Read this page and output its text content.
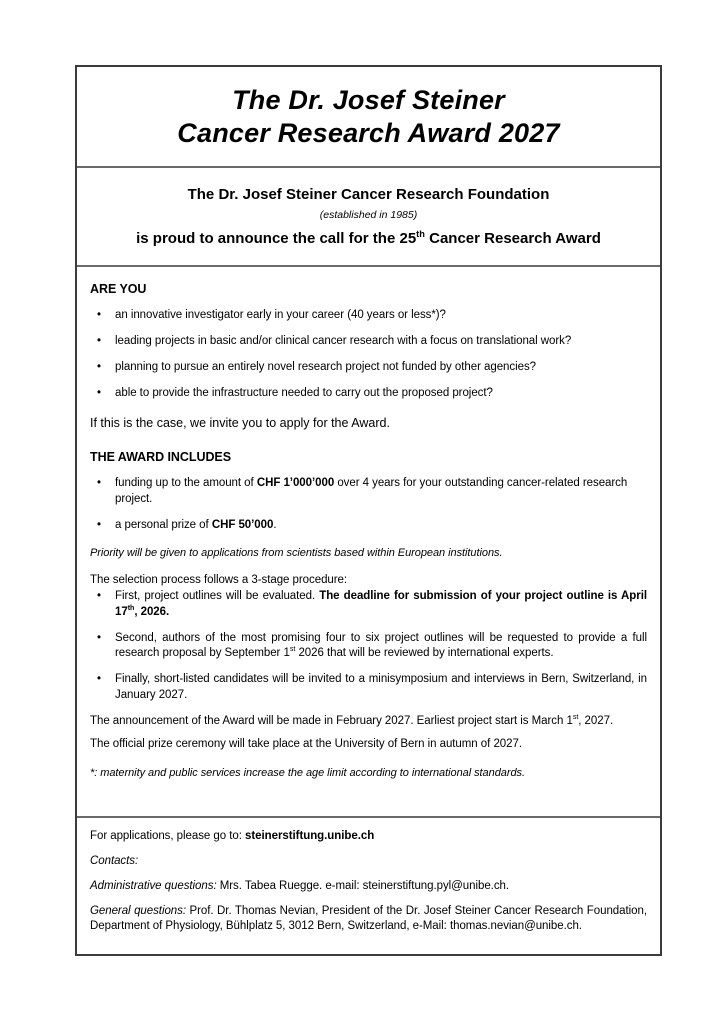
The Dr. Josef Steiner
Cancer Research Award 2027
The Dr. Josef Steiner Cancer Research Foundation
(established in 1985)
is proud to announce the call for the 25th Cancer Research Award
ARE YOU
•	an innovative investigator early in your career (40 years or less*)?
•	leading projects in basic and/or clinical cancer research with a focus on translational work?
•	planning to pursue an entirely novel research project not funded by other agencies?
•	able to provide the infrastructure needed to carry out the proposed project?

If this is the case, we invite you to apply for the Award.

THE AWARD INCLUDES
•	funding up to the amount of CHF 1’000’000 over 4 years for your outstanding cancer-related research project.
•	a personal prize of CHF 50’000.

Priority will be given to applications from scientists based within European institutions.

The selection process follows a 3-stage procedure:

•	First, project outlines will be evaluated. The deadline for submission of your project outline is April 17th, 2026.
•	Second, authors of the most promising four to six project outlines will be requested to provide a full research proposal by September 1st 2026 that will be reviewed by international experts.
•	Finally, short-listed candidates will be invited to a minisymposium and interviews in Bern, Switzerland, in January 2027.

The announcement of the Award will be made in February 2027. Earliest project start is March 1st, 2027.

The official prize ceremony will take place at the University of Bern in autumn of 2027.

*: maternity and public services increase the age limit according to international standards.

For applications, please go to: steinerstiftung.unibe.ch

Contacts:

Administrative questions: Mrs. Tabea Ruegge. e-mail: steinerstiftung.pyl@unibe.ch.

General questions: Prof. Dr. Thomas Nevian, President of the Dr. Josef Steiner Cancer Research Foundation, Department of Physiology, Bühlplatz 5, 3012 Bern, Switzerland, e-Mail: thomas.nevian@unibe.ch.
